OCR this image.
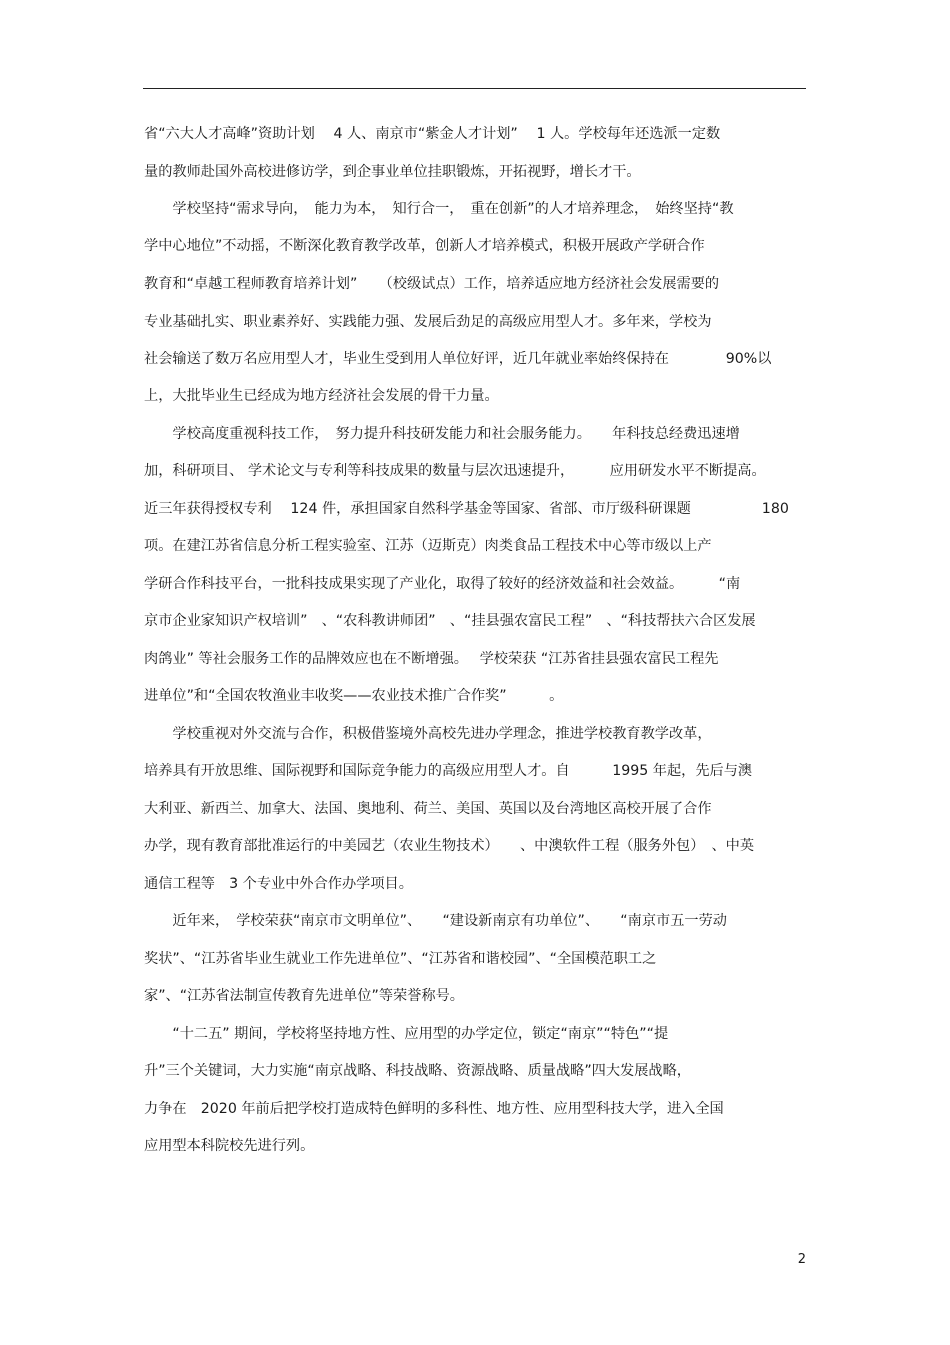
省“六大人才高峰”资助计划　 4 人、南京市“紫金人才计划”　 1 人。学校每年还选派一定数
量的教师赴国外高校进修访学，到企事业单位挂职锻炼，开拓视野，增长才干。
　　学校坚持“需求导向，　能力为本，　知行合一，　重在创新”的人才培养理念，　始终坚持“教
学中心地位”不动摇，不断深化教育教学改革，创新人才培养模式，积极开展政产学研合作
教育和“卓越工程师教育培养计划”　　（校级试点）工作，培养适应地方经济社会发展需要的
专业基础扎实、职业素养好、实践能力强、发展后劲足的高级应用型人才。多年来，学校为
社会输送了数万名应用型人才，毕业生受到用人单位好评，近几年就业率始终保持在　　　　90%以
上，大批毕业生已经成为地方经济社会发展的骨干力量。
　　学校高度重视科技工作，　努力提升科技研发能力和社会服务能力。　　年科技总经费迅速增
加，科研项目、 学术论文与专利等科技成果的数量与层次迅速提升，　　　应用研发水平不断提高。
近三年获得授权专利　 124 件，承担国家自然科学基金等国家、省部、市厅级科研课题　　　　　180
项。在建江苏省信息分析工程实验室、江苏（迈斯克）肉类食品工程技术中心等市级以上产
学研合作科技平台，一批科技成果实现了产业化，取得了较好的经济效益和社会效益。　　　“南
京市企业家知识产权培训”　、“农科教讲师团”　、“挂县强农富民工程”　、“科技帮扶六合区发展
肉鸽业” 等社会服务工作的品牌效应也在不断增强。　 学校荣获 “江苏省挂县强农富民工程先
进单位”和“全国农牧渔业丰收奖——农业技术推广合作奖”　　　。
　　学校重视对外交流与合作，积极借鉴境外高校先进办学理念，推进学校教育教学改革，
培养具有开放思维、国际视野和国际竞争能力的高级应用型人才。自　　　1995 年起，先后与澳
大利亚、新西兰、加拿大、法国、奥地利、荷兰、美国、英国以及台湾地区高校开展了合作
办学，现有教育部批准运行的中美园艺（农业生物技术）　　、中澳软件工程（服务外包）　、中英
通信工程等　3 个专业中外合作办学项目。
　　近年来，　学校荣获“南京市文明单位”、　　“建设新南京有功单位”、　　“南京市五一劳动
奖状”、“江苏省毕业生就业工作先进单位”、“江苏省和谐校园”、“全国模范职工之
家”、“江苏省法制宣传教育先进单位”等荣誉称号。
　　“十二五” 期间，学校将坚持地方性、应用型的办学定位，锁定“南京”“特色”“提
升”三个关键词，大力实施“南京战略、科技战略、资源战略、质量战略”四大发展战略，
力争在　2020 年前后把学校打造成特色鲜明的多科性、地方性、应用型科技大学，进入全国
应用型本科院校先进行列。
2
